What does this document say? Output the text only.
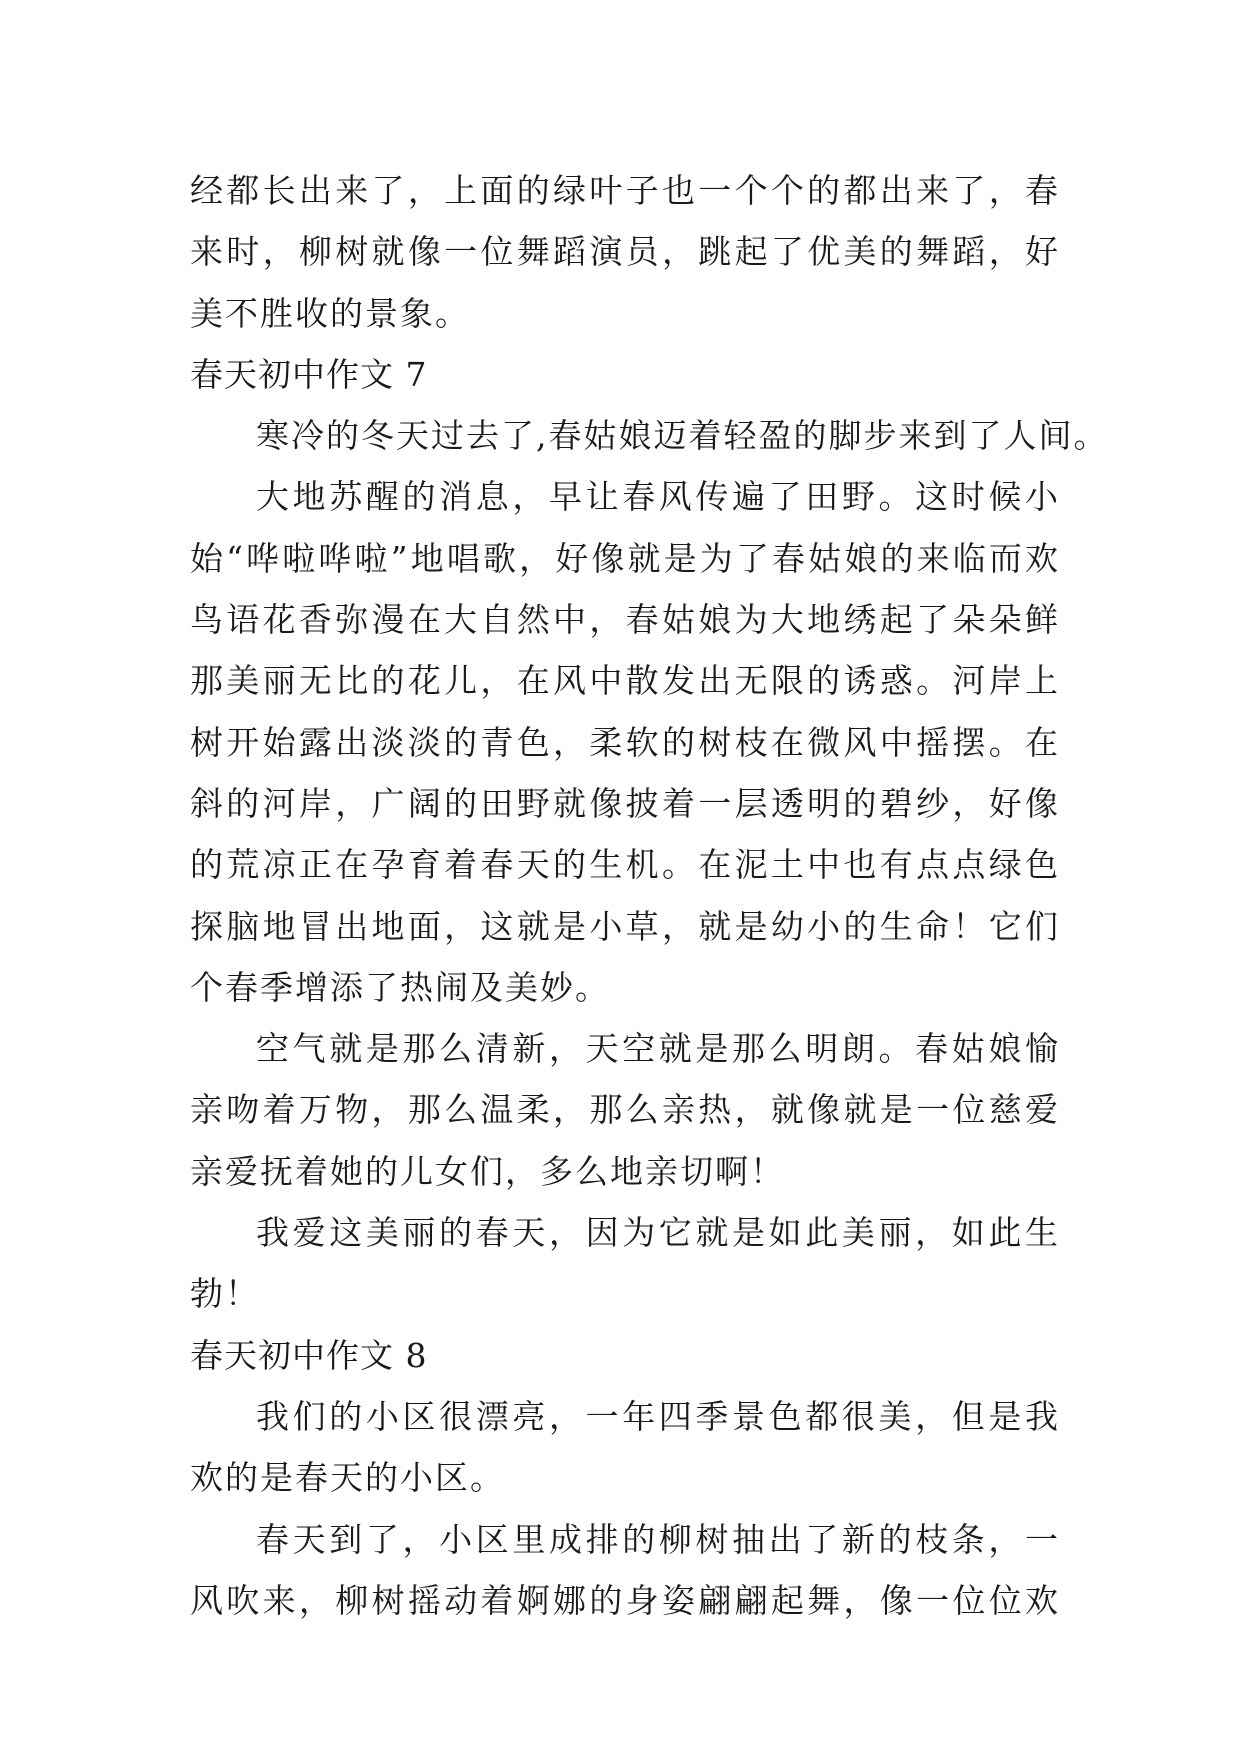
经都长出来了，上面的绿叶子也一个个的都出来了，春
来时，柳树就像一位舞蹈演员，跳起了优美的舞蹈，好
美不胜收的景象。
春天初中作文 7
寒冷的冬天过去了,春姑娘迈着轻盈的脚步来到了人间。
大地苏醒的消息，早让春风传遍了田野。这时候小
始“哗啦哗啦”地唱歌，好像就是为了春姑娘的来临而欢
鸟语花香弥漫在大自然中，春姑娘为大地绣起了朵朵鲜
那美丽无比的花儿，在风中散发出无限的诱惑。河岸上
树开始露出淡淡的青色，柔软的树枝在微风中摇摆。在
斜的河岸，广阔的田野就像披着一层透明的碧纱，好像
的荒凉正在孕育着春天的生机。在泥土中也有点点绿色
探脑地冒出地面，这就是小草，就是幼小的生命！它们
个春季增添了热闹及美妙。
空气就是那么清新，天空就是那么明朗。春姑娘愉
亲吻着万物，那么温柔，那么亲热，就像就是一位慈爱
亲爱抚着她的儿女们，多么地亲切啊！
我爱这美丽的春天，因为它就是如此美丽，如此生
勃！
春天初中作文 8
我们的小区很漂亮，一年四季景色都很美，但是我
欢的是春天的小区。
春天到了，小区里成排的柳树抽出了新的枝条，一
风吹来，柳树摇动着婀娜的身姿翩翩起舞，像一位位欢
